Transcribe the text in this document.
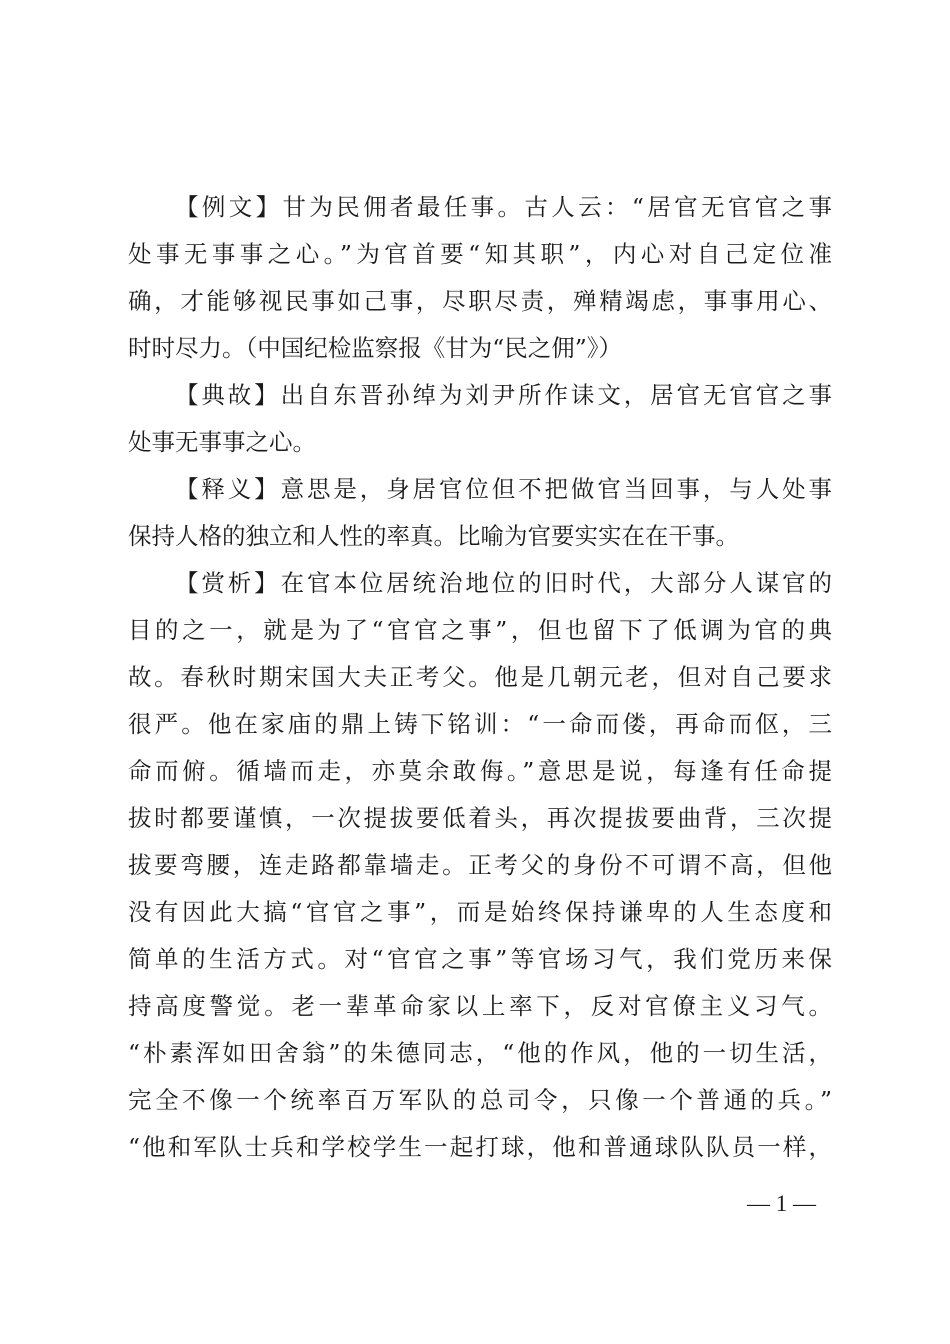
【例文】甘为民佣者最任事。古人云：“居官无官官之事
处事无事事之心。”为官首要“知其职”，内心对自己定位准
确，才能够视民事如己事，尽职尽责，殚精竭虑，事事用心、
时时尽力。（中国纪检监察报《甘为“民之佣”》）
【典故】出自东晋孙绰为刘尹所作诔文，居官无官官之事
处事无事事之心。
【释义】意思是，身居官位但不把做官当回事，与人处事
保持人格的独立和人性的率真。比喻为官要实实在在干事。
【赏析】在官本位居统治地位的旧时代，大部分人谋官的
目的之一，就是为了“官官之事”，但也留下了低调为官的典
故。春秋时期宋国大夫正考父。他是几朝元老，但对自己要求
很严。他在家庙的鼎上铸下铭训：“一命而偻，再命而伛，三
命而俯。循墙而走，亦莫余敢侮。”意思是说，每逢有任命提
拔时都要谨慎，一次提拔要低着头，再次提拔要曲背，三次提
拔要弯腰，连走路都靠墙走。正考父的身份不可谓不高，但他
没有因此大搞“官官之事”，而是始终保持谦卑的人生态度和
简单的生活方式。对“官官之事”等官场习气，我们党历来保
持高度警觉。老一辈革命家以上率下，反对官僚主义习气。
“朴素浑如田舍翁”的朱德同志，“他的作风，他的一切生活，
完全不像一个统率百万军队的总司令，只像一个普通的兵。”
“他和军队士兵和学校学生一起打球，他和普通球队队员一样，
— 1 —
